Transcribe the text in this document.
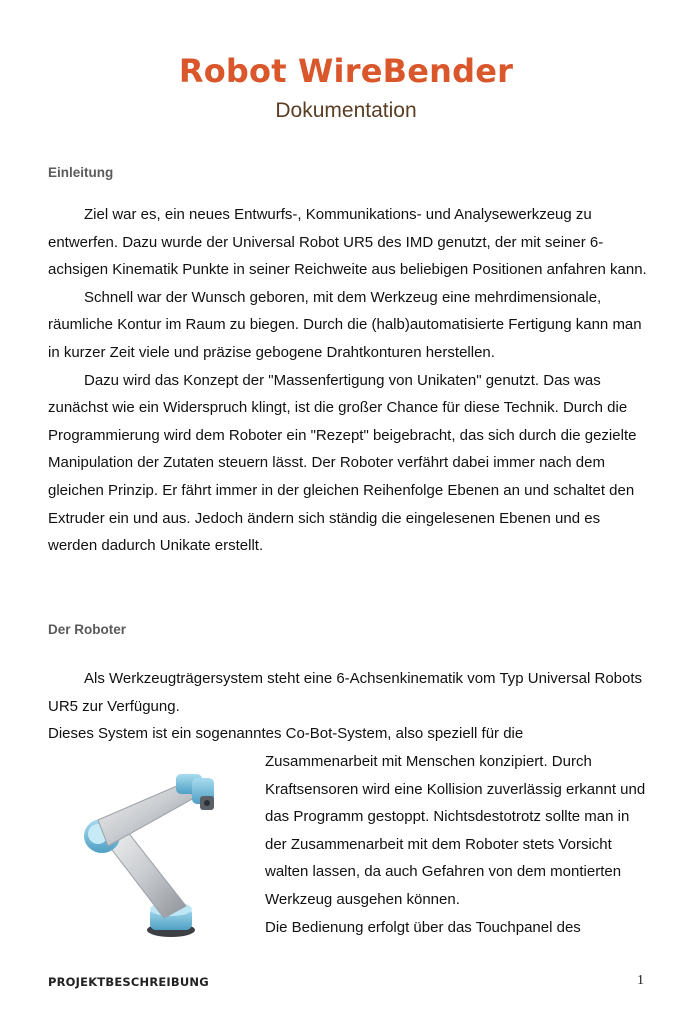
Robot WireBender
Dokumentation
Einleitung

Ziel war es, ein neues Entwurfs-, Kommunikations- und Analysewerkzeug zu entwerfen. Dazu wurde der Universal Robot UR5 des IMD genutzt, der mit seiner 6-achsigen Kinematik Punkte in seiner Reichweite aus beliebigen Positionen anfahren kann.

Schnell war der Wunsch geboren, mit dem Werkzeug eine mehrdimensionale, räumliche Kontur im Raum zu biegen. Durch die (halb)automatisierte Fertigung kann man in kurzer Zeit viele und präzise gebogene Drahtkonturen herstellen.

Dazu wird das Konzept der "Massenfertigung von Unikaten" genutzt. Das was zunächst wie ein Widerspruch klingt, ist die großer Chance für diese Technik. Durch die Programmierung wird dem Roboter ein "Rezept" beigebracht, das sich durch die gezielte Manipulation der Zutaten steuern lässt. Der Roboter verfährt dabei immer nach dem gleichen Prinzip. Er fährt immer in der gleichen Reihenfolge Ebenen an und schaltet den Extruder ein und aus. Jedoch ändern sich ständig die eingelesenen Ebenen und es werden dadurch Unikate erstellt.

Der Roboter

Als Werkzeugträgersystem steht eine 6-Achsenkinematik vom Typ Universal Robots UR5 zur Verfügung.

Dieses System ist ein sogenanntes Co-Bot-System, also speziell für die

Zusammenarbeit mit Menschen konzipiert. Durch Kraftsensoren wird eine Kollision zuverlässig erkannt und das Programm gestoppt. Nichtsdestotrotz sollte man in der Zusammenarbeit mit dem Roboter stets Vorsicht walten lassen, da auch Gefahren von dem montierten Werkzeug ausgehen können.

Die Bedienung erfolgt über das Touchpanel des

PROJEKTBESCHREIBUNG	1
